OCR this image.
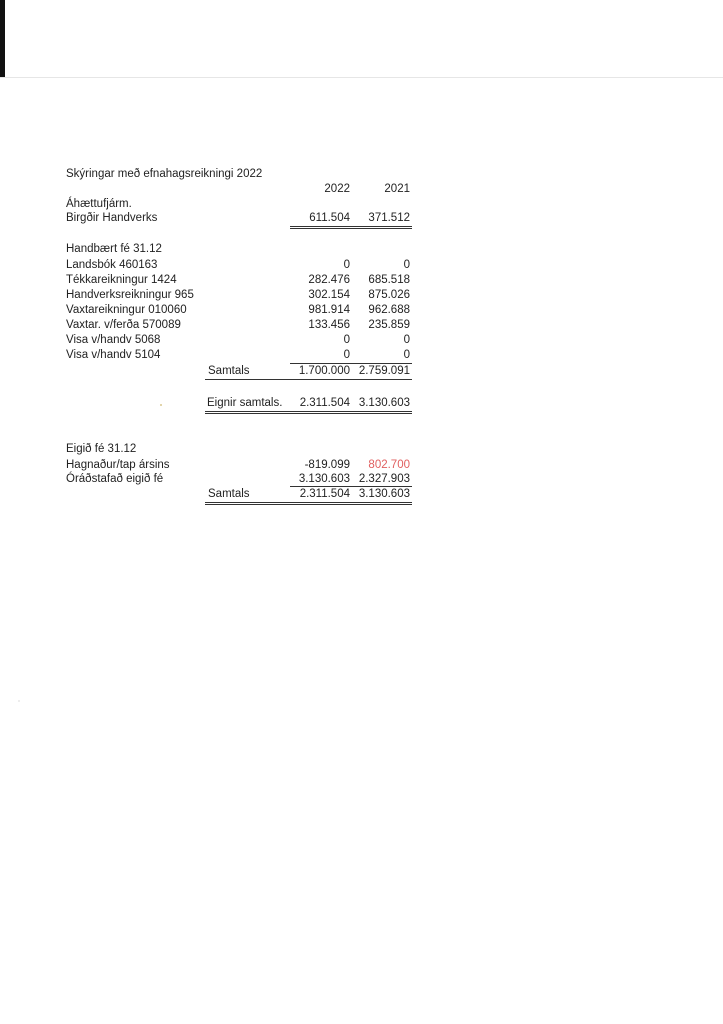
Skýringar með efnahagsreikningi 2022
2022	2021
Áhættufjárm.
Birgðir Handverks	611.504 371.512
Handbært fé 31.12
Landsbók 460163	0	0
Tékkareikningur 1424	282.476 685.518
Handverksreikningur 965	302.154 875.026
Vaxtareikningur 010060	981.914 962.688
Vaxtar. v/ferða 570089	133.456 235.859
Visa v/handv 5068	0	0
Visa v/handv 5104	0	0
Samtals	1.700.000 2.759.091
Eignir samtals. 2.311.504 3.130.603
Eigið fé 31.12
Hagnaður/tap ársins	-819.099 802.700
Óráðstafað eigið fé	3.130.603 2.327.903
Samtals	2.311.504 3.130.603
